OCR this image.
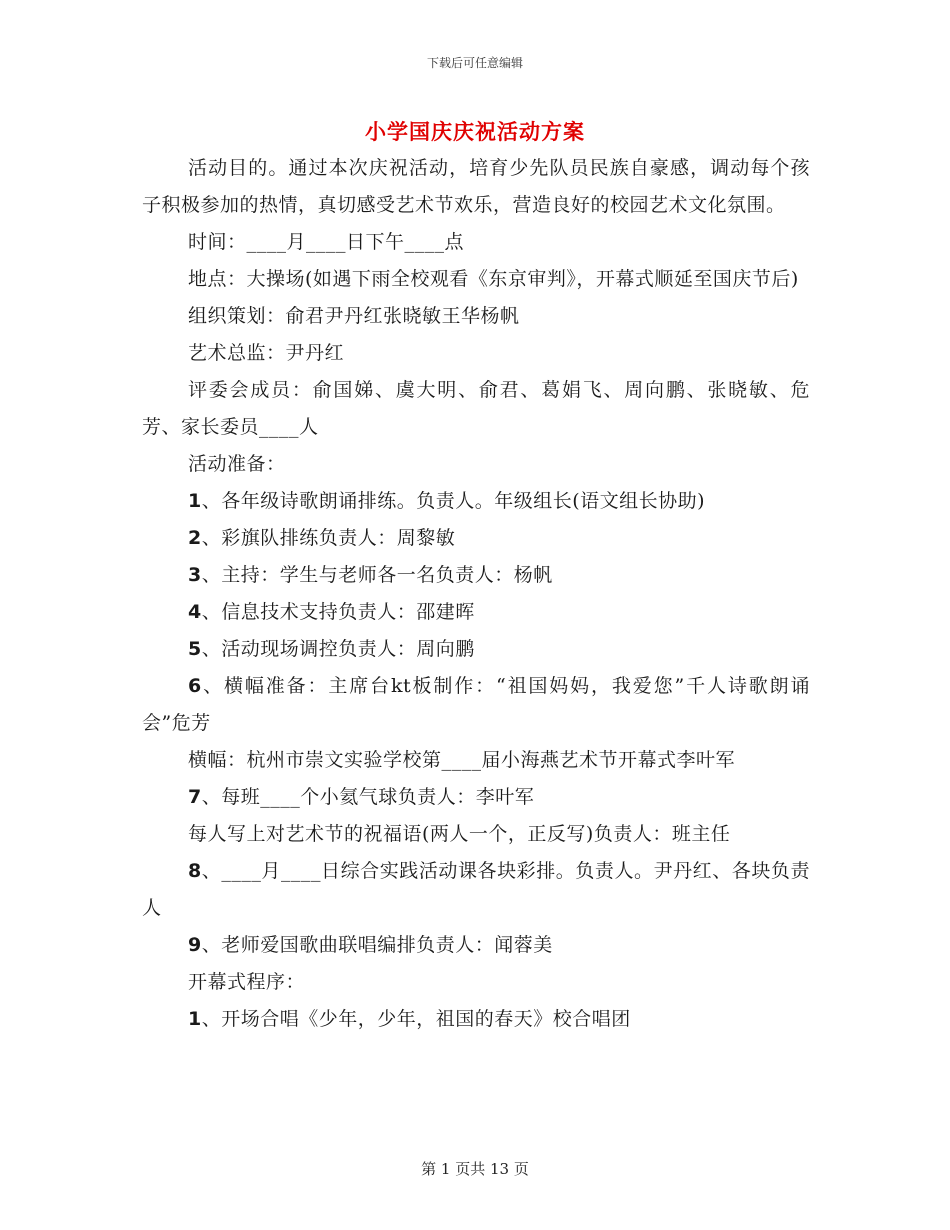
下载后可任意编辑
小学国庆庆祝活动方案

活动目的。通过本次庆祝活动，培育少先队员民族自豪感，调动每个孩子积极参加的热情，真切感受艺术节欢乐，营造良好的校园艺术文化氛围。

时间：____月____日下午____点

地点：大操场(如遇下雨全校观看《东京审判》，开幕式顺延至国庆节后)

组织策划：俞君尹丹红张晓敏王华杨帆

艺术总监：尹丹红

评委会成员：俞国娣、虞大明、俞君、葛娟飞、周向鹏、张晓敏、危芳、家长委员____人

活动准备：

1、各年级诗歌朗诵排练。负责人。年级组长(语文组长协助)

2、彩旗队排练负责人：周黎敏

3、主持：学生与老师各一名负责人：杨帆

4、信息技术支持负责人：邵建晖

5、活动现场调控负责人：周向鹏

6、横幅准备：主席台kt板制作：“祖国妈妈，我爱您”千人诗歌朗诵会”危芳

横幅：杭州市崇文实验学校第____届小海燕艺术节开幕式李叶军

7、每班____个小氦气球负责人：李叶军

每人写上对艺术节的祝福语(两人一个，正反写)负责人：班主任

8、____月____日综合实践活动课各块彩排。负责人。尹丹红、各块负责人

9、老师爱国歌曲联唱编排负责人：闻蓉美

开幕式程序：

1、开场合唱《少年，少年，祖国的春天》校合唱团

第 1 页共 13 页
